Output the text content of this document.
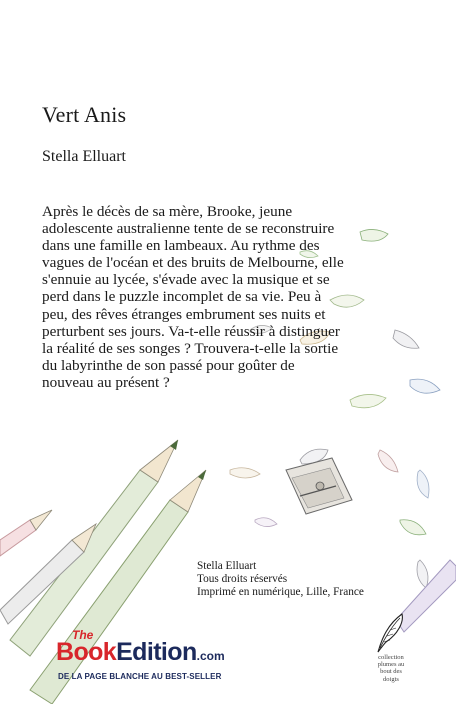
Vert Anis
Stella Elluart

Après le décès de sa mère, Brooke, jeune adolescente australienne tente de se reconstruire dans une famille en lambeaux. Au rythme des vagues de l'océan et des bruits de Melbourne, elle s'ennuie au lycée, s'évade avec la musique et se perd dans le puzzle incomplet de sa vie. Peu à peu, des rêves étranges embrument ses nuits et perturbent ses jours. Va-t-elle réussir à distinguer la réalité de ses songes ? Trouvera-t-elle la sortie du labyrinthe de son passé pour goûter de nouveau au présent ?

Stella Elluart
Tous droits réservés
Imprimé en numérique, Lille, France
The
BookEdition.com
DE LA PAGE BLANCHE AU BEST-SELLER
collection
plumes au
bout des
doigts
